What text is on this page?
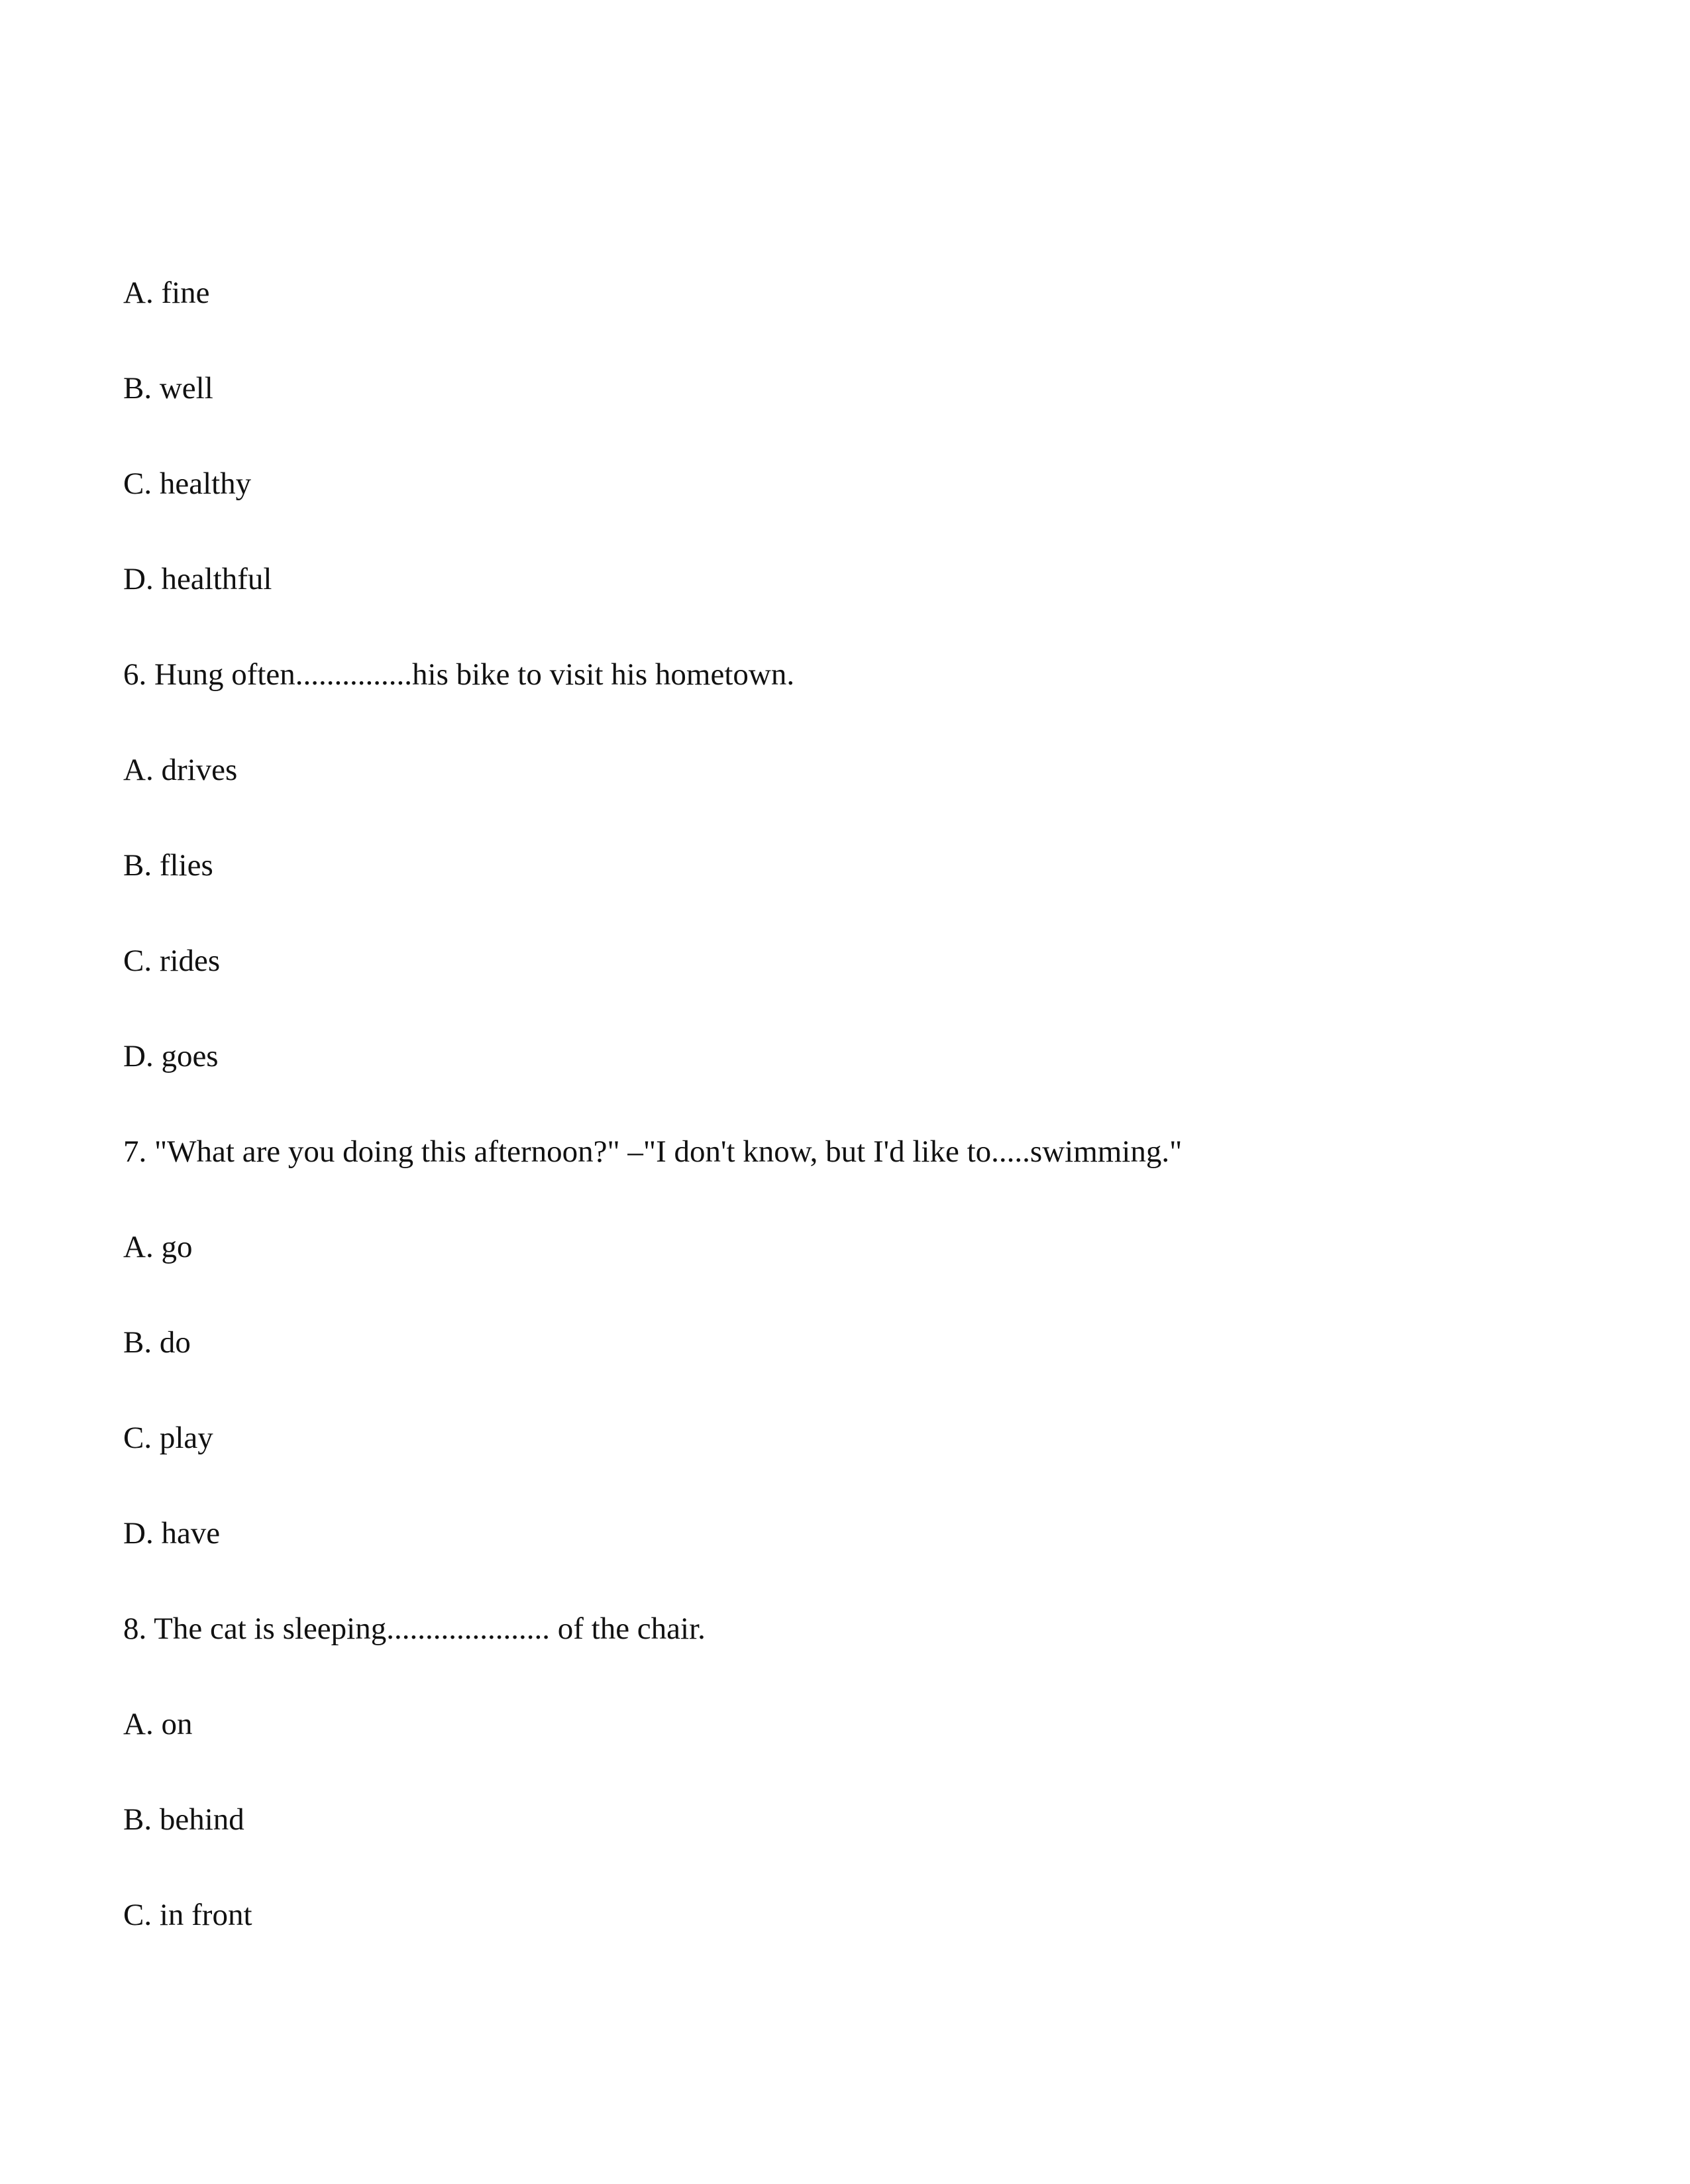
A. fine

B. well

C. healthy

D. healthful

6. Hung often...............his bike to visit his hometown.

A. drives

B. flies

C. rides

D. goes

7. "What are you doing this afternoon?" –"I don't know, but I'd like to.....swimming."

A. go

B. do

C. play

D. have

8. The cat is sleeping..................... of the chair.

A. on

B. behind

C. in front
